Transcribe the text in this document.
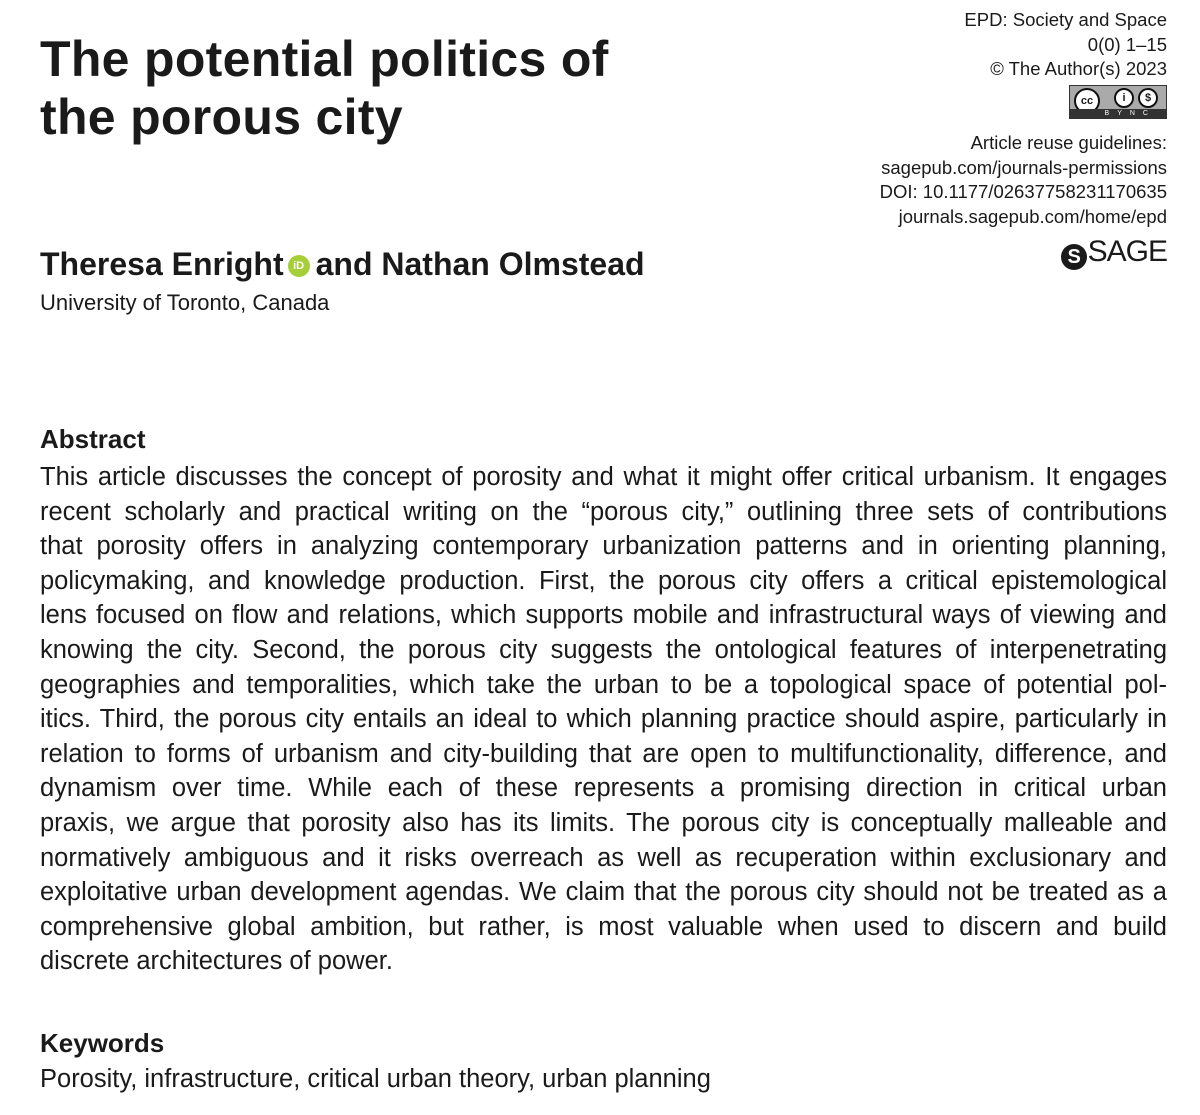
The potential politics of
the porous city
EPD: Society and Space
0(0) 1–15
© The Author(s) 2023
cc	i	$
BYNC
Article reuse guidelines:
sagepub.com/journals-permissions
DOI: 10.1177/02637758231170635
journals.sagepub.com/home/epd
S SAGE
Theresa Enright iD and Nathan Olmstead
University of Toronto, Canada
Abstract
This article discusses the concept of porosity and what it might offer critical urbanism. It engages
recent scholarly and practical writing on the “porous city,” outlining three sets of contributions
that porosity offers in analyzing contemporary urbanization patterns and in orienting planning,
policymaking, and knowledge production. First, the porous city offers a critical epistemological
lens focused on flow and relations, which supports mobile and infrastructural ways of viewing and
knowing the city. Second, the porous city suggests the ontological features of interpenetrating
geographies and temporalities, which take the urban to be a topological space of potential pol-
itics. Third, the porous city entails an ideal to which planning practice should aspire, particularly in
relation to forms of urbanism and city-building that are open to multifunctionality, difference, and
dynamism over time. While each of these represents a promising direction in critical urban
praxis, we argue that porosity also has its limits. The porous city is conceptually malleable and
normatively ambiguous and it risks overreach as well as recuperation within exclusionary and
exploitative urban development agendas. We claim that the porous city should not be treated as a
comprehensive global ambition, but rather, is most valuable when used to discern and build
discrete architectures of power.
Keywords
Porosity, infrastructure, critical urban theory, urban planning
